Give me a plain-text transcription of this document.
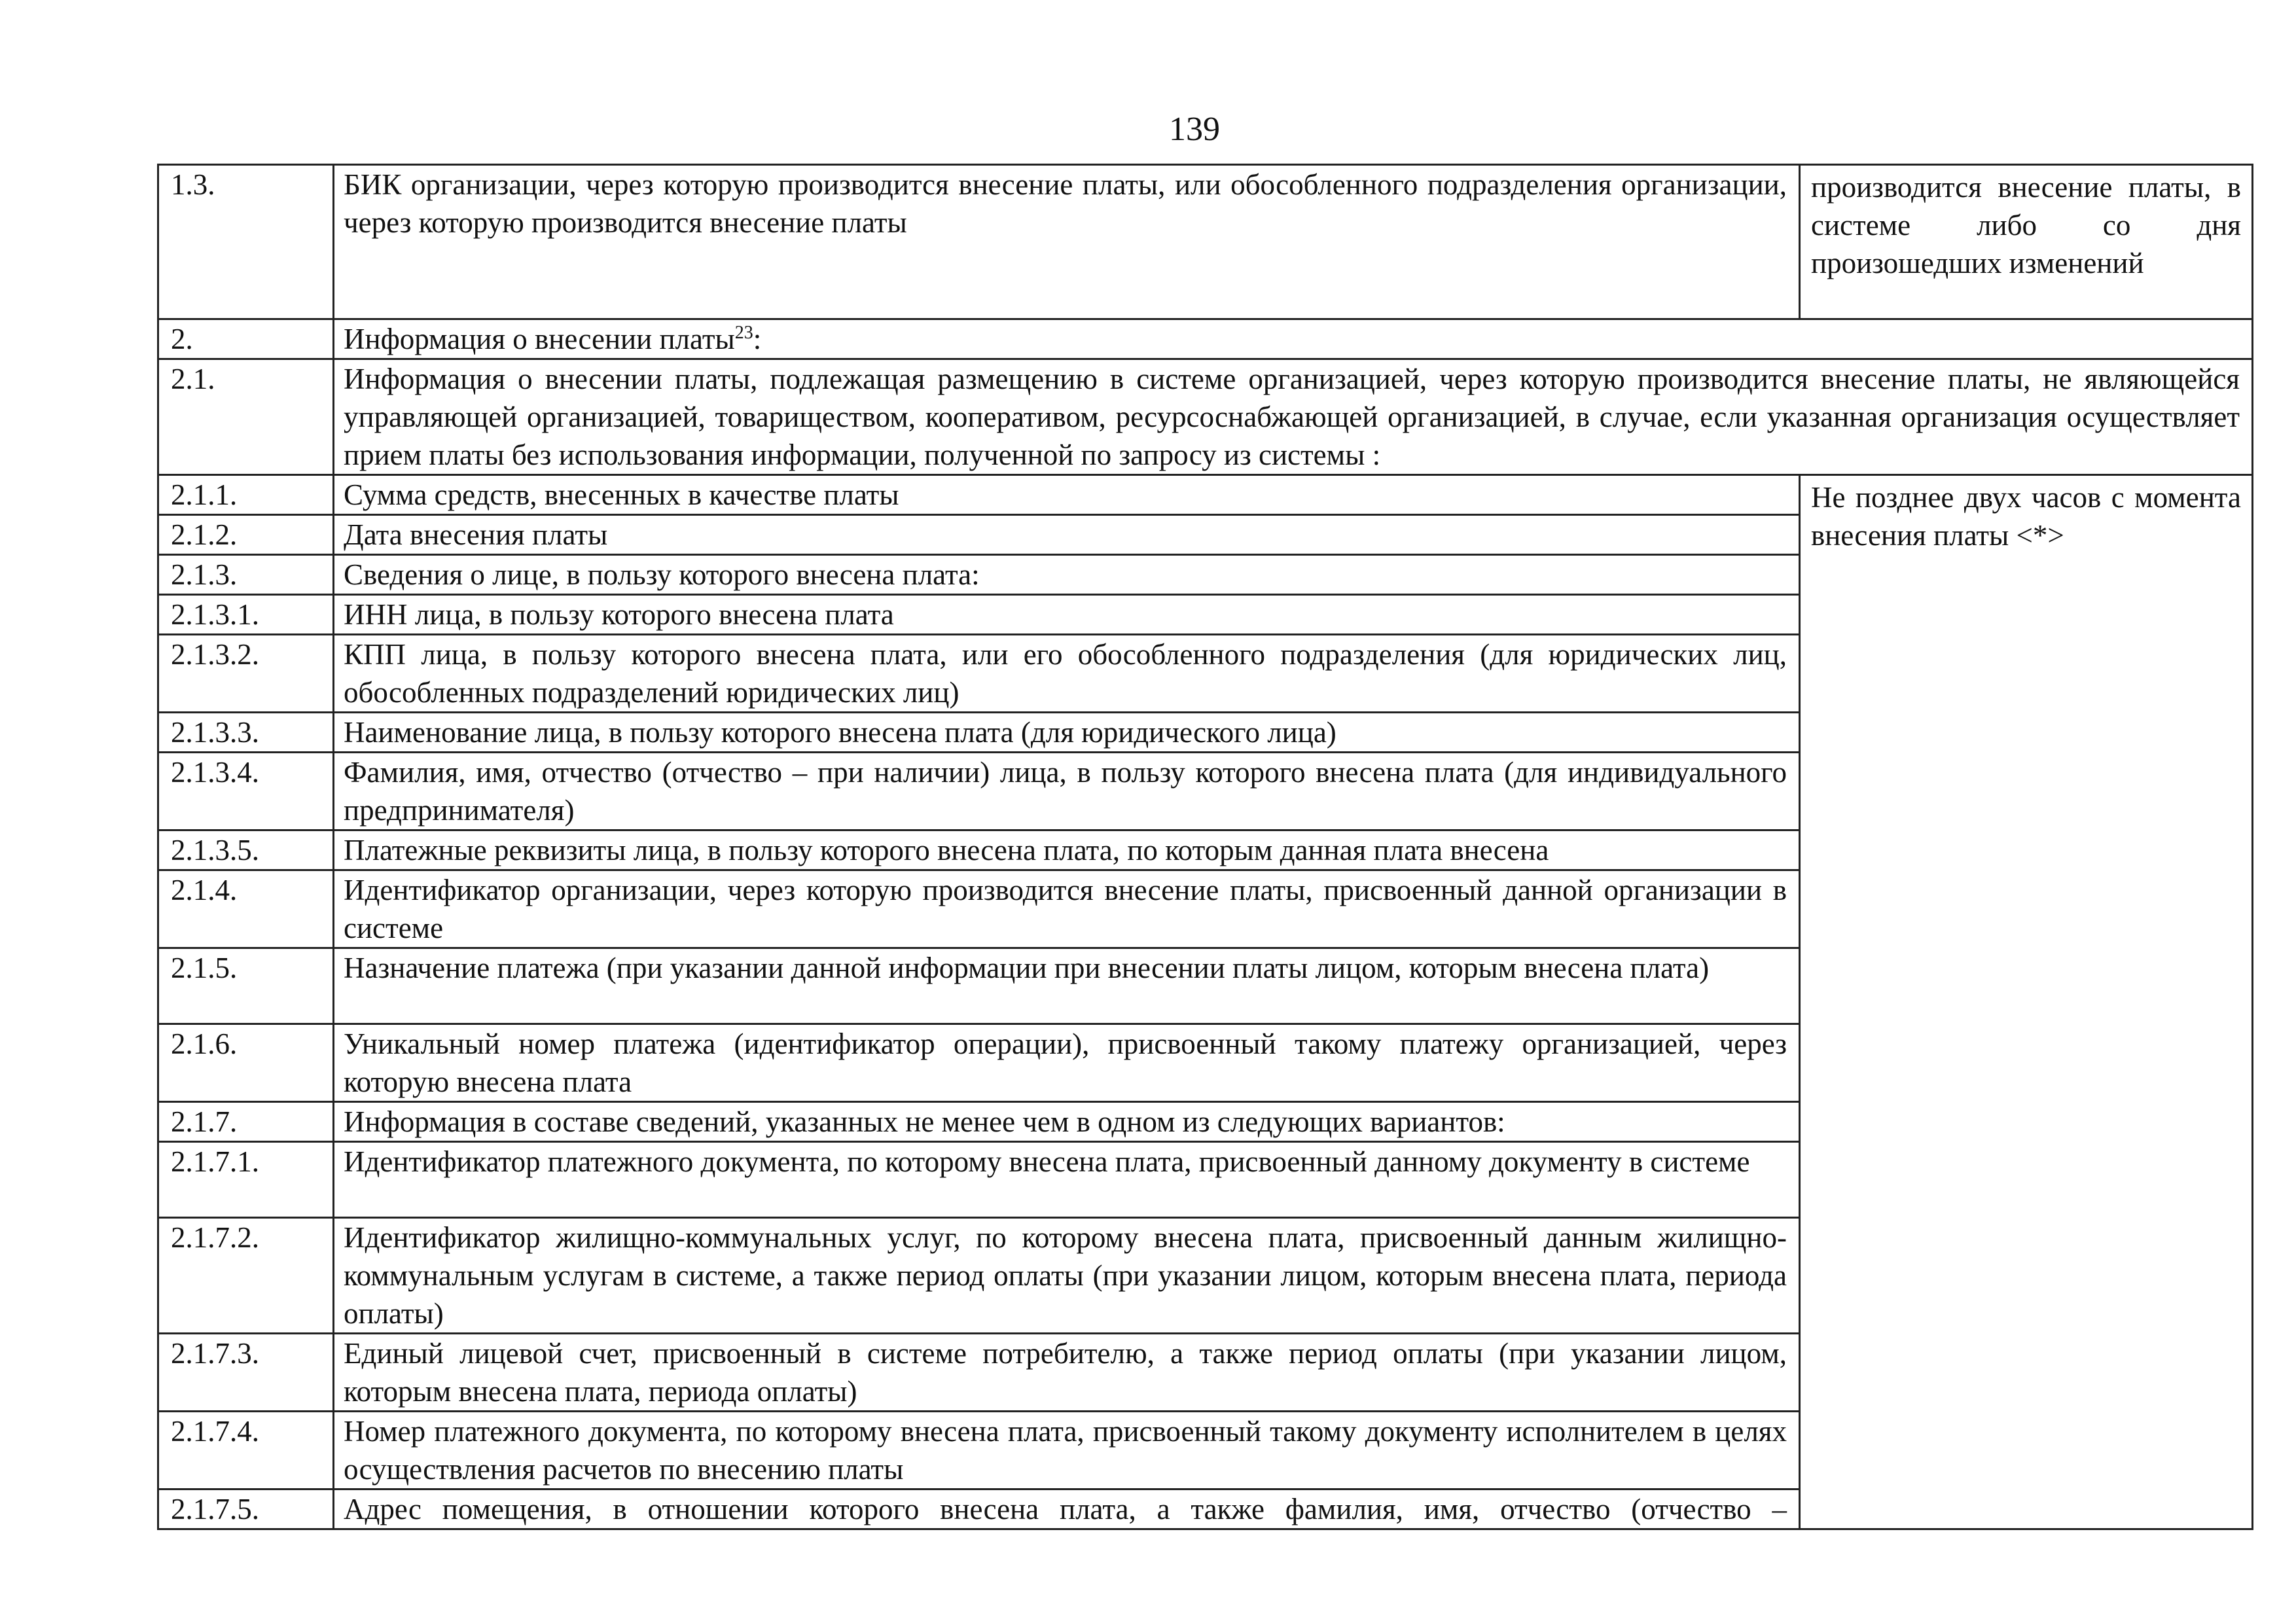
139
1.3.	БИК организации, через которую производится внесение платы, или обособленного подразделения организации, через которую производится внесение платы	производится внесение платы, в системе либо со дня произошедших изменений
2.	Информация о внесении платы$^{23}$:	
2.1.	Информация о внесении платы, подлежащая размещению в системе организацией, через которую производится внесение платы, не являющейся управляющей организацией, товариществом, кооперативом, ресурсоснабжающей организацией, в случае, если указанная организация осуществляет прием платы без использования информации, полученной по запросу из системы :	
2.1.1.	Сумма средств, внесенных в качестве платы	Не позднее двух часов с момента внесения платы <*>
2.1.2.	Дата внесения платы	
2.1.3.	Сведения о лице, в пользу которого внесена плата:	
2.1.3.1.	ИНН лица, в пользу которого внесена плата	
2.1.3.2.	КПП лица, в пользу которого внесена плата, или его обособленного подразделения (для юридических лиц, обособленных подразделений юридических лиц)	
2.1.3.3.	Наименование лица, в пользу которого внесена плата (для юридического лица)	
2.1.3.4.	Фамилия, имя, отчество (отчество – при наличии) лица, в пользу которого внесена плата (для индивидуального предпринимателя)	
2.1.3.5.	Платежные реквизиты лица, в пользу которого внесена плата, по которым данная плата внесена	
2.1.4.	Идентификатор организации, через которую производится внесение платы, присвоенный данной организации в системе	
2.1.5.	Назначение платежа (при указании данной информации при внесении платы лицом, которым внесена плата)	
2.1.6.	Уникальный номер платежа (идентификатор операции), присвоенный такому платежу организацией, через которую внесена плата	
2.1.7.	Информация в составе сведений, указанных не менее чем в одном из следующих вариантов:	
2.1.7.1.	Идентификатор платежного документа, по которому внесена плата, присвоенный данному документу в системе	
2.1.7.2.	Идентификатор жилищно-коммунальных услуг, по которому внесена плата, присвоенный данным жилищно-коммунальным услугам в системе, а также период оплаты (при указании лицом, которым внесена плата, периода оплаты)	
2.1.7.3.	Единый лицевой счет, присвоенный в системе потребителю, а также период оплаты (при указании лицом, которым внесена плата, периода оплаты)	
2.1.7.4.	Номер платежного документа, по которому внесена плата, присвоенный такому документу исполнителем в целях осуществления расчетов по внесению платы	
2.1.7.5.	Адрес помещения, в отношении которого внесена плата, а также фамилия, имя, отчество (отчество –	
